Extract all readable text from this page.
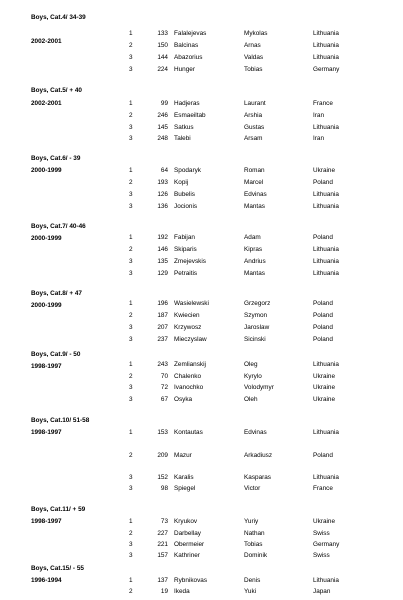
Boys, Cat.4/ 34-39
2002-2001
1	133 Falalejevas	Mykolas	Lithuania
2	150 Balcinas	Arnas	Lithuania
3	144 Abazorius	Valdas	Lithuania
3	224 Hunger	Tobias	Germany
Boys, Cat.5/ + 40
2002-2001	1	99 Hadjeras	Laurant	France
2	246 Esmaeiltab	Arshia	Iran
3	145 Satkus	Gustas	Lithuania
3	248 Talebi	Arsam	Iran
Boys, Cat.6/ - 39
2000-1999	1	64 Spodaryk	Roman	Ukraine
2	193 Kopij	Marcel	Poland
3	126 Bubelis	Edvinas	Lithuania
3	136 Jocionis	Mantas	Lithuania
Boys, Cat.7/ 40-46
2000-1999	1	192 Fabijan	Adam	Poland
2	146 Skiparis	Kipras	Lithuania
3	135 Zmejevskis	Andrius	Lithuania
3	129 Petraitis	Mantas	Lithuania
Boys, Cat.8/ + 47
2000-1999	1	196 Wasielewski	Grzegorz	Poland
2	187 Kwiecien	Szymon	Poland
3	207 Krzywosz	Jaroslaw	Poland
3	237 Mieczyslaw	Sicinski	Poland
Boys, Cat.9/ - 50
1998-1997	1	243 Zemlianskij	Oleg	Lithuania
2	70 Chalenko	Kyrylo	Ukraine
3	72 Ivanochko	Volodymyr	Ukraine
3	67 Osyka	Oleh	Ukraine
Boys, Cat.10/ 51-58
1998-1997	1	153 Kontautas	Edvinas	Lithuania
2	209 Mazur	Arkadiusz	Poland
3	152 Karalis	Kasparas	Lithuania
3	98 Spiegel	Victor	France
Boys, Cat.11/ + 59
1998-1997	1	73 Kryukov	Yuriy	Ukraine
2	227 Darbellay	Nathan	Swiss
3	221 Obermeier	Tobias	Germany
3	157 Kathriner	Dominik	Swiss
Boys, Cat.15/ - 55
1996-1994	1	137 Rybnikovas	Denis	Lithuania
2	19 Ikeda	Yuki	Japan
